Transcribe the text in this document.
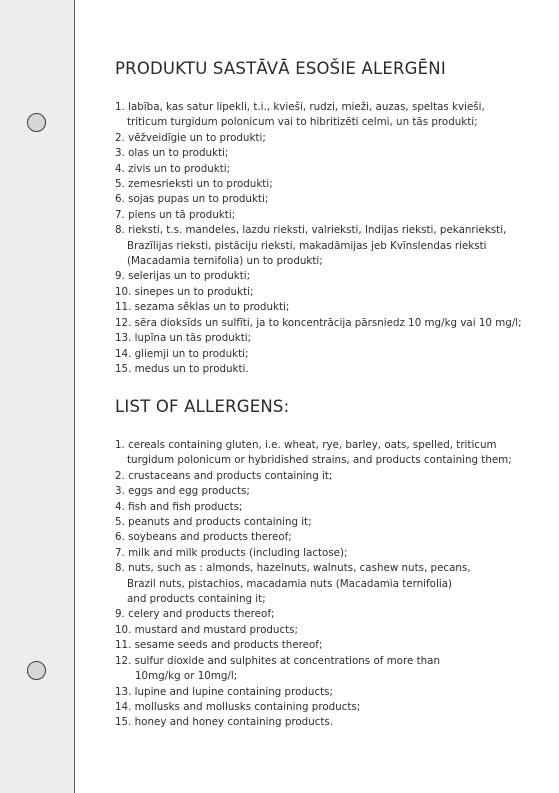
PRODUKTU SASTĀVĀ ESOŠIE ALERGĒNI
1. labība, kas satur lipekli, t.i., kvieši, rudzi, mieži, auzas, speltas kvieši,
triticum turgidum polonicum vai to hibritizēti celmi, un tās produkti;
2. vēžveidīgie un to produkti;
3. olas un to produkti;
4. zivis un to produkti;
5. zemesrieksti un to produkti;
6. sojas pupas un to produkti;
7. piens un tā produkti;
8. rieksti, t.s. mandeles, lazdu rieksti, valrieksti, Indijas rieksti, pekanrieksti,
Brazīlijas rieksti, pistāciju rieksti, makadāmijas jeb Kvīnslendas rieksti
(Macadamia ternifolia) un to produkti;
9. selerijas un to produkti;
10. sinepes un to produkti;
11. sezama sēklas un to produkti;
12. sēra dioksīds un sulfīti, ja to koncentrācija pārsniedz 10 mg/kg vai 10 mg/l;
13. lupīna un tās produkti;
14. gliemji un to produkti;
15. medus un to produkti.
LIST OF ALLERGENS:
1. cereals containing gluten, i.e. wheat, rye, barley, oats, spelled, triticum
turgidum polonicum or hybridished strains, and products containing them;
2. crustaceans and products containing it;
3. eggs and egg products;
4. fish and fish products;
5. peanuts and products containing it;
6. soybeans and products thereof;
7. milk and milk products (including lactose);
8. nuts, such as : almonds, hazelnuts, walnuts, cashew nuts, pecans,
Brazil nuts, pistachios, macadamia nuts (Macadamia ternifolia)
and products containing it;
9. celery and products thereof;
10. mustard and mustard products;
11. sesame seeds and products thereof;
12. sulfur dioxide and sulphites at concentrations of more than
10mg/kg or 10mg/l;
13. lupine and lupine containing products;
14. mollusks and mollusks containing products;
15. honey and honey containing products.
